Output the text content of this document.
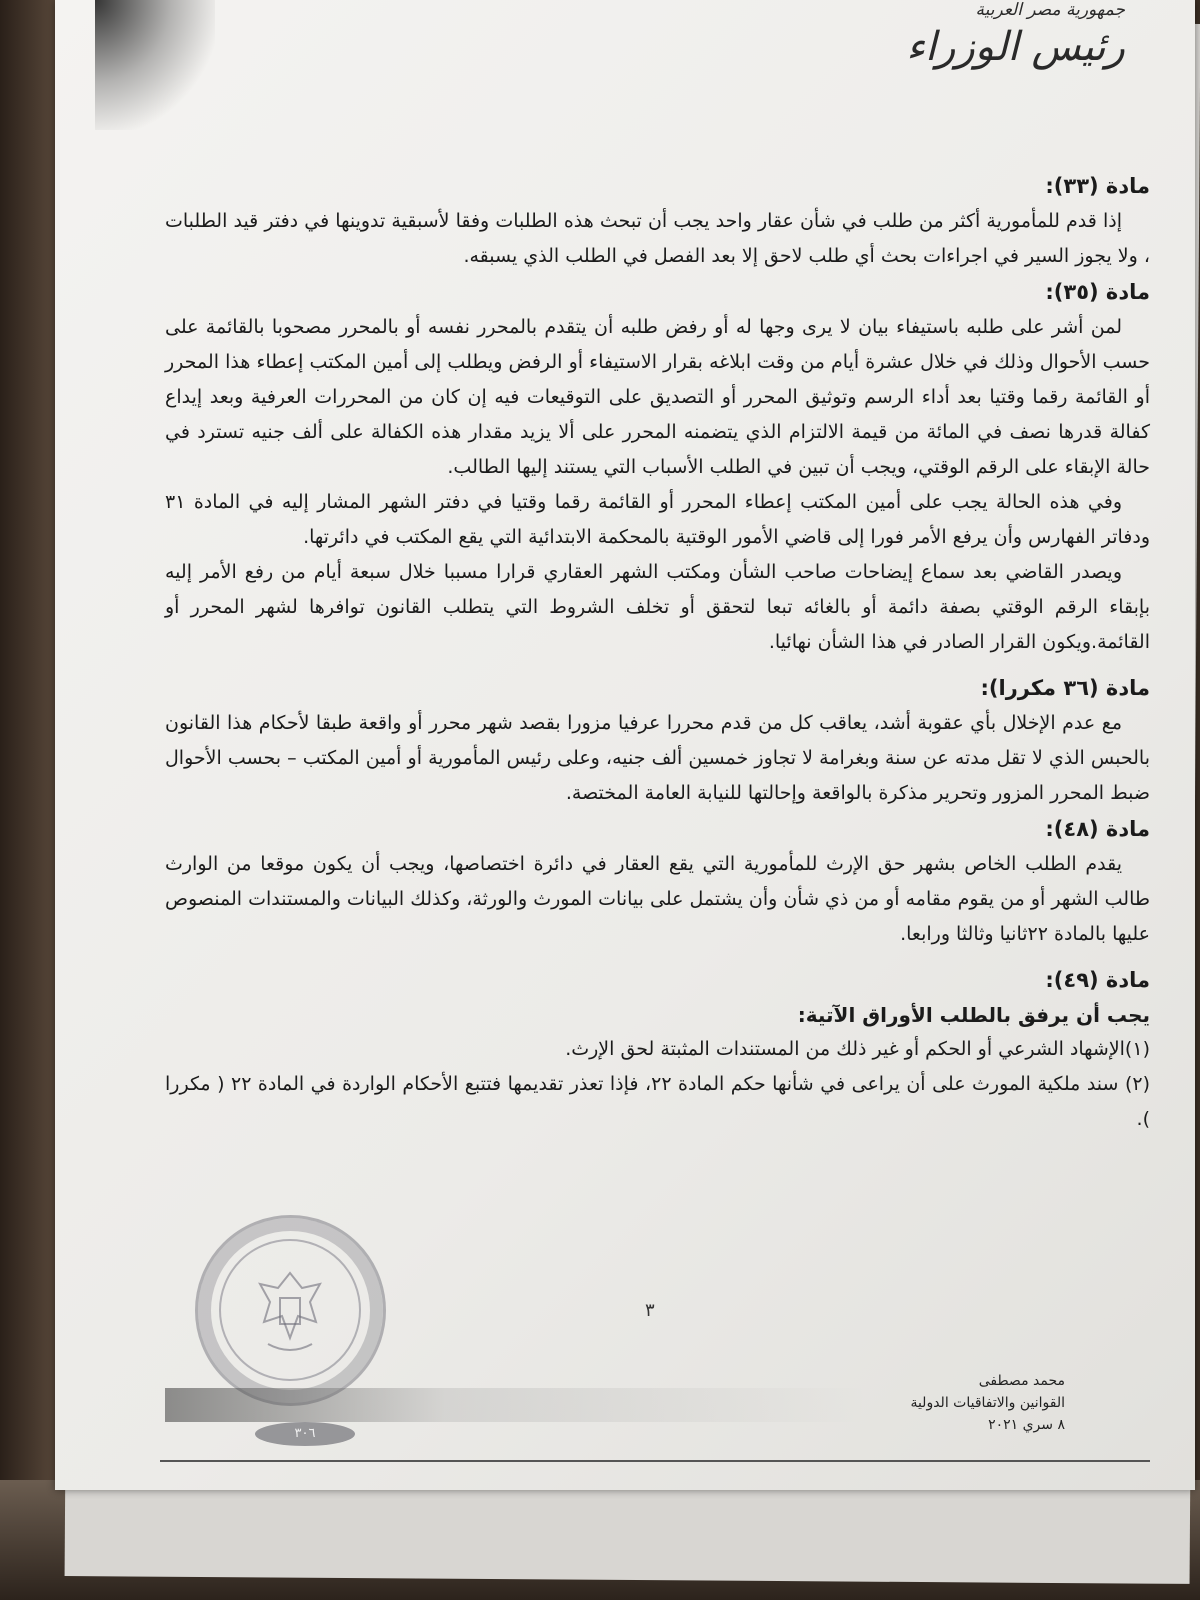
جمهورية مصر العربية
رئيس الوزراء

مادة (٣٣):

إذا قدم للمأمورية أكثر من طلب في شأن عقار واحد يجب أن تبحث هذه الطلبات وفقا لأسبقية تدوينها في دفتر قيد الطلبات ، ولا يجوز السير في اجراءات بحث أي طلب لاحق إلا بعد الفصل في الطلب الذي يسبقه.

مادة (٣٥):

لمن أشر على طلبه باستيفاء بيان لا يرى وجها له أو رفض طلبه أن يتقدم بالمحرر نفسه أو بالمحرر مصحوبا بالقائمة على حسب الأحوال وذلك في خلال عشرة أيام من وقت ابلاغه بقرار الاستيفاء أو الرفض ويطلب إلى أمين المكتب إعطاء هذا المحرر أو القائمة رقما وقتيا بعد أداء الرسم وتوثيق المحرر أو التصديق على التوقيعات فيه إن كان من المحررات العرفية وبعد إيداع كفالة قدرها نصف في المائة من قيمة الالتزام الذي يتضمنه المحرر على ألا يزيد مقدار هذه الكفالة على ألف جنيه تسترد في حالة الإبقاء على الرقم الوقتي، ويجب أن تبين في الطلب الأسباب التي يستند إليها الطالب.

وفي هذه الحالة يجب على أمين المكتب إعطاء المحرر أو القائمة رقما وقتيا في دفتر الشهر المشار إليه في المادة ٣١ ودفاتر الفهارس وأن يرفع الأمر فورا إلى قاضي الأمور الوقتية بالمحكمة الابتدائية التي يقع المكتب في دائرتها.

ويصدر القاضي بعد سماع إيضاحات صاحب الشأن ومكتب الشهر العقاري قرارا مسببا خلال سبعة أيام من رفع الأمر إليه بإبقاء الرقم الوقتي بصفة دائمة أو بالغائه تبعا لتحقق أو تخلف الشروط التي يتطلب القانون توافرها لشهر المحرر أو القائمة.ويكون القرار الصادر في هذا الشأن نهائيا.

مادة (٣٦ مكررا):

مع عدم الإخلال بأي عقوبة أشد، يعاقب كل من قدم محررا عرفيا مزورا بقصد شهر محرر أو واقعة طبقا لأحكام هذا القانون بالحبس الذي لا تقل مدته عن سنة وبغرامة لا تجاوز خمسين ألف جنيه، وعلى رئيس المأمورية أو أمين المكتب – بحسب الأحوال ضبط المحرر المزور وتحرير مذكرة بالواقعة وإحالتها للنيابة العامة المختصة.

مادة (٤٨):

يقدم الطلب الخاص بشهر حق الإرث للمأمورية التي يقع العقار في دائرة اختصاصها، ويجب أن يكون موقعا من الوارث طالب الشهر أو من يقوم مقامه أو من ذي شأن وأن يشتمل على بيانات المورث والورثة، وكذلك البيانات والمستندات المنصوص عليها بالمادة ٢٢ثانيا وثالثا ورابعا.

مادة (٤٩):

يجب أن يرفق بالطلب الأوراق الآتية:

(١)الإشهاد الشرعي أو الحكم أو غير ذلك من المستندات المثبتة لحق الإرث.

(٢) سند ملكية المورث على أن يراعى في شأنها حكم المادة ٢٢، فإذا تعذر تقديمها فتتبع الأحكام الواردة في المادة ٢٢ ( مكررا ).

٣
٣٠٦
محمد مصطفى
القوانين والاتفاقيات الدولية
٨ سري ٢٠٢١
